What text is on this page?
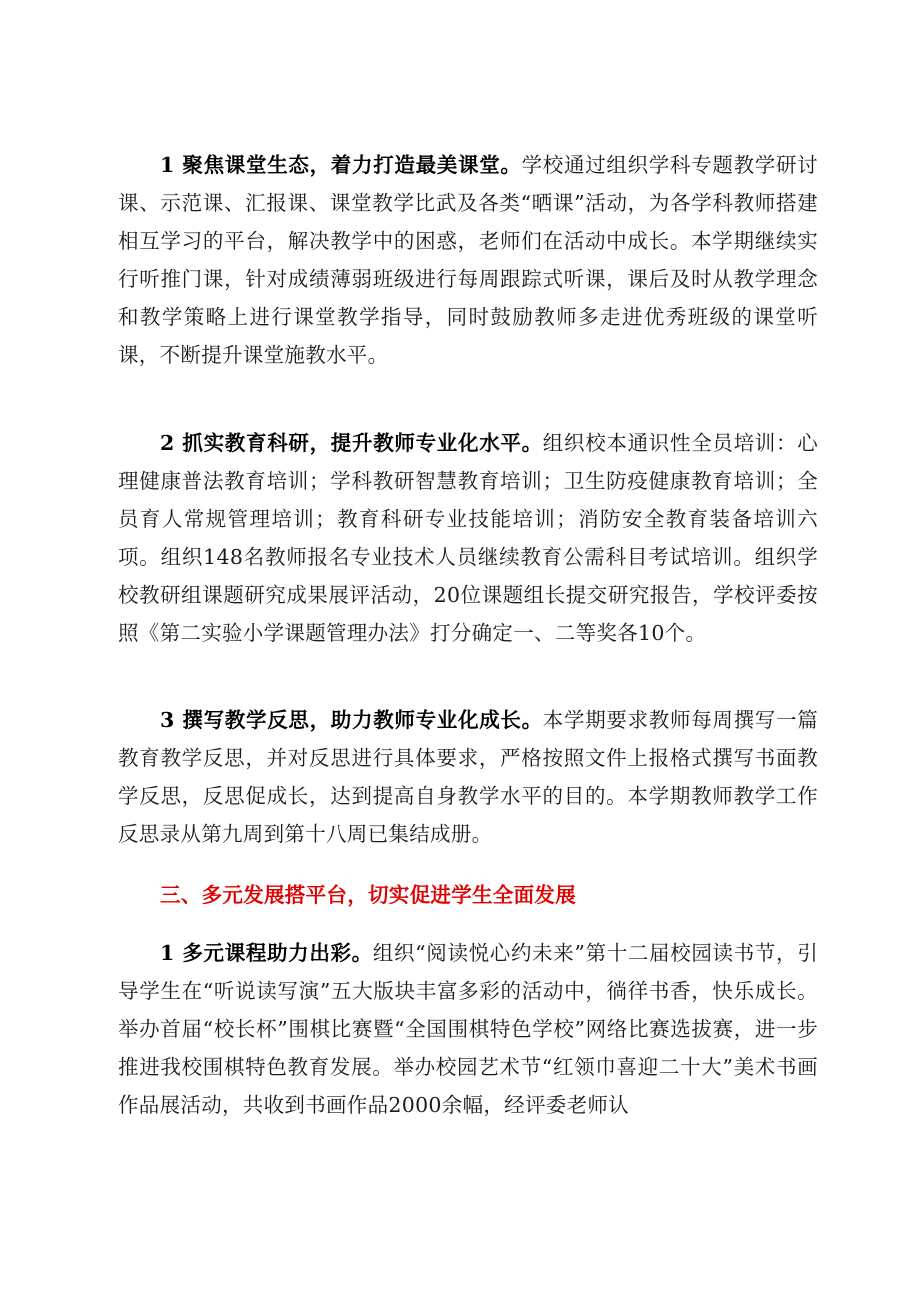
1 聚焦课堂生态，着力打造最美课堂。学校通过组织学科专题教学研讨课、示范课、汇报课、课堂教学比武及各类“晒课”活动，为各学科教师搭建相互学习的平台，解决教学中的困惑，老师们在活动中成长。本学期继续实行听推门课，针对成绩薄弱班级进行每周跟踪式听课，课后及时从教学理念和教学策略上进行课堂教学指导，同时鼓励教师多走进优秀班级的课堂听课，不断提升课堂施教水平。

2 抓实教育科研，提升教师专业化水平。组织校本通识性全员培训：心理健康普法教育培训；学科教研智慧教育培训；卫生防疫健康教育培训；全员育人常规管理培训；教育科研专业技能培训；消防安全教育装备培训六项。组织148名教师报名专业技术人员继续教育公需科目考试培训。组织学校教研组课题研究成果展评活动，20位课题组长提交研究报告，学校评委按照《第二实验小学课题管理办法》打分确定一、二等奖各10个。

3 撰写教学反思，助力教师专业化成长。本学期要求教师每周撰写一篇教育教学反思，并对反思进行具体要求，严格按照文件上报格式撰写书面教学反思，反思促成长，达到提高自身教学水平的目的。本学期教师教学工作反思录从第九周到第十八周已集结成册。

三、多元发展搭平台，切实促进学生全面发展

1 多元课程助力出彩。组织“阅读悦心约未来”第十二届校园读书节，引导学生在“听说读写演”五大版块丰富多彩的活动中，徜徉书香，快乐成长。举办首届“校长杯”围棋比赛暨“全国围棋特色学校”网络比赛选拔赛，进一步推进我校围棋特色教育发展。举办校园艺术节“红领巾喜迎二十大”美术书画作品展活动，共收到书画作品2000余幅，经评委老师认
